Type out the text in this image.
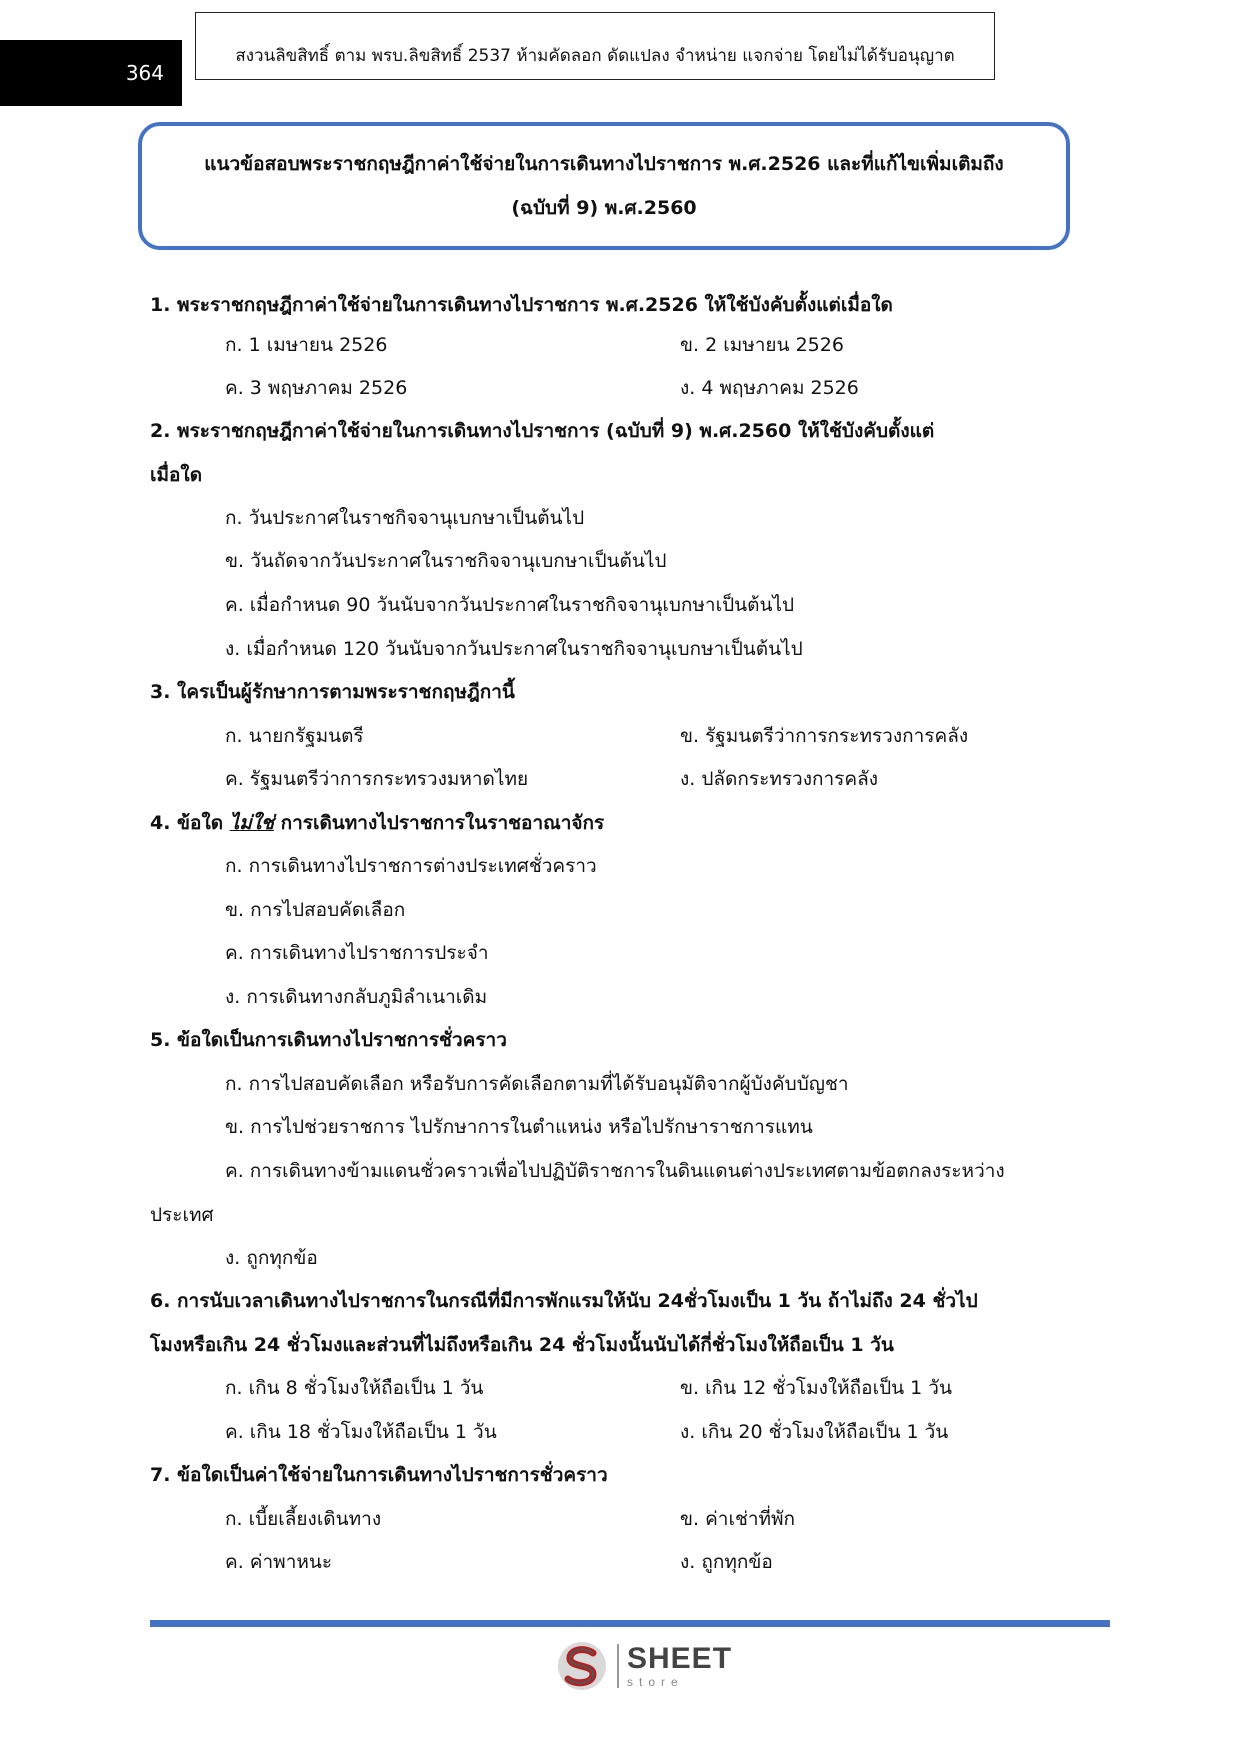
364
สงวนลิขสิทธิ์ ตาม พรบ.ลิขสิทธิ์ 2537 ห้ามคัดลอก ดัดแปลง จำหน่าย แจกจ่าย โดยไม่ได้รับอนุญาต
แนวข้อสอบพระราชกฤษฎีกาค่าใช้จ่ายในการเดินทางไปราชการ พ.ศ.2526 และที่แก้ไขเพิ่มเติมถึง
(ฉบับที่ 9) พ.ศ.2560
1. พระราชกฤษฎีกาค่าใช้จ่ายในการเดินทางไปราชการ พ.ศ.2526 ให้ใช้บังคับตั้งแต่เมื่อใด
ก. 1 เมษายน 2526	ข. 2 เมษายน 2526
ค. 3 พฤษภาคม 2526	ง. 4 พฤษภาคม 2526
2. พระราชกฤษฎีกาค่าใช้จ่ายในการเดินทางไปราชการ (ฉบับที่ 9) พ.ศ.2560 ให้ใช้บังคับตั้งแต่
เมื่อใด
ก. วันประกาศในราชกิจจานุเบกษาเป็นต้นไป
ข. วันถัดจากวันประกาศในราชกิจจานุเบกษาเป็นต้นไป
ค. เมื่อกำหนด 90 วันนับจากวันประกาศในราชกิจจานุเบกษาเป็นต้นไป
ง. เมื่อกำหนด 120 วันนับจากวันประกาศในราชกิจจานุเบกษาเป็นต้นไป
3. ใครเป็นผู้รักษาการตามพระราชกฤษฎีกานี้
ก. นายกรัฐมนตรี	ข. รัฐมนตรีว่าการกระทรวงการคลัง
ค. รัฐมนตรีว่าการกระทรวงมหาดไทย	ง. ปลัดกระทรวงการคลัง
4. ข้อใด ไม่ใช่ การเดินทางไปราชการในราชอาณาจักร
ก. การเดินทางไปราชการต่างประเทศชั่วคราว
ข. การไปสอบคัดเลือก
ค. การเดินทางไปราชการประจำ
ง. การเดินทางกลับภูมิลำเนาเดิม
5. ข้อใดเป็นการเดินทางไปราชการชั่วคราว
ก. การไปสอบคัดเลือก หรือรับการคัดเลือกตามที่ได้รับอนุมัติจากผู้บังคับบัญชา
ข. การไปช่วยราชการ ไปรักษาการในตำแหน่ง หรือไปรักษาราชการแทน
ค. การเดินทางข้ามแดนชั่วคราวเพื่อไปปฏิบัติราชการในดินแดนต่างประเทศตามข้อตกลงระหว่าง
ประเทศ
ง. ถูกทุกข้อ
6. การนับเวลาเดินทางไปราชการในกรณีที่มีการพักแรมให้นับ 24ชั่วโมงเป็น 1 วัน ถ้าไม่ถึง 24 ชั่วไป
โมงหรือเกิน 24 ชั่วโมงและส่วนที่ไม่ถึงหรือเกิน 24 ชั่วโมงนั้นนับได้กี่ชั่วโมงให้ถือเป็น 1 วัน
ก. เกิน 8 ชั่วโมงให้ถือเป็น 1 วัน	ข. เกิน 12 ชั่วโมงให้ถือเป็น 1 วัน
ค. เกิน 18 ชั่วโมงให้ถือเป็น 1 วัน	ง. เกิน 20 ชั่วโมงให้ถือเป็น 1 วัน
7. ข้อใดเป็นค่าใช้จ่ายในการเดินทางไปราชการชั่วคราว
ก. เบี้ยเลี้ยงเดินทาง	ข. ค่าเช่าที่พัก
ค. ค่าพาหนะ	ง. ถูกทุกข้อ
SHEET
store
